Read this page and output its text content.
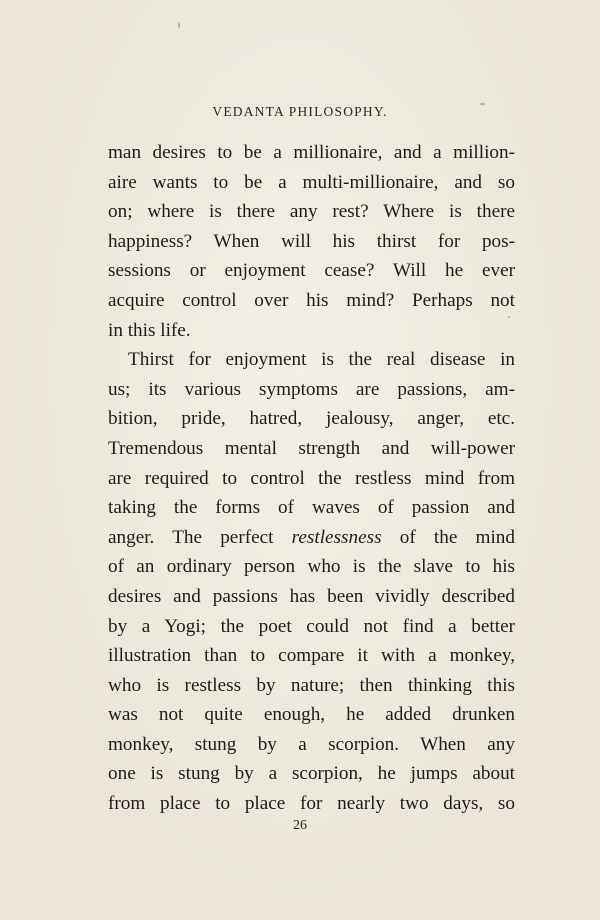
VEDANTA PHILOSOPHY.
man desires to be a millionaire, and a million-
aire wants to be a multi-millionaire, and so
on; where is there any rest? Where is there
happiness? When will his thirst for pos-
sessions or enjoyment cease? Will he ever
acquire control over his mind? Perhaps not
in this life.
Thirst for enjoyment is the real disease in
us; its various symptoms are passions, am-
bition, pride, hatred, jealousy, anger, etc.
Tremendous mental strength and will-power
are required to control the restless mind from
taking the forms of waves of passion and
anger. The perfect restlessness of the mind
of an ordinary person who is the slave to his
desires and passions has been vividly described
by a Yogi; the poet could not find a better
illustration than to compare it with a monkey,
who is restless by nature; then thinking this
was not quite enough, he added drunken
monkey, stung by a scorpion. When any
one is stung by a scorpion, he jumps about
from place to place for nearly two days, so
26
